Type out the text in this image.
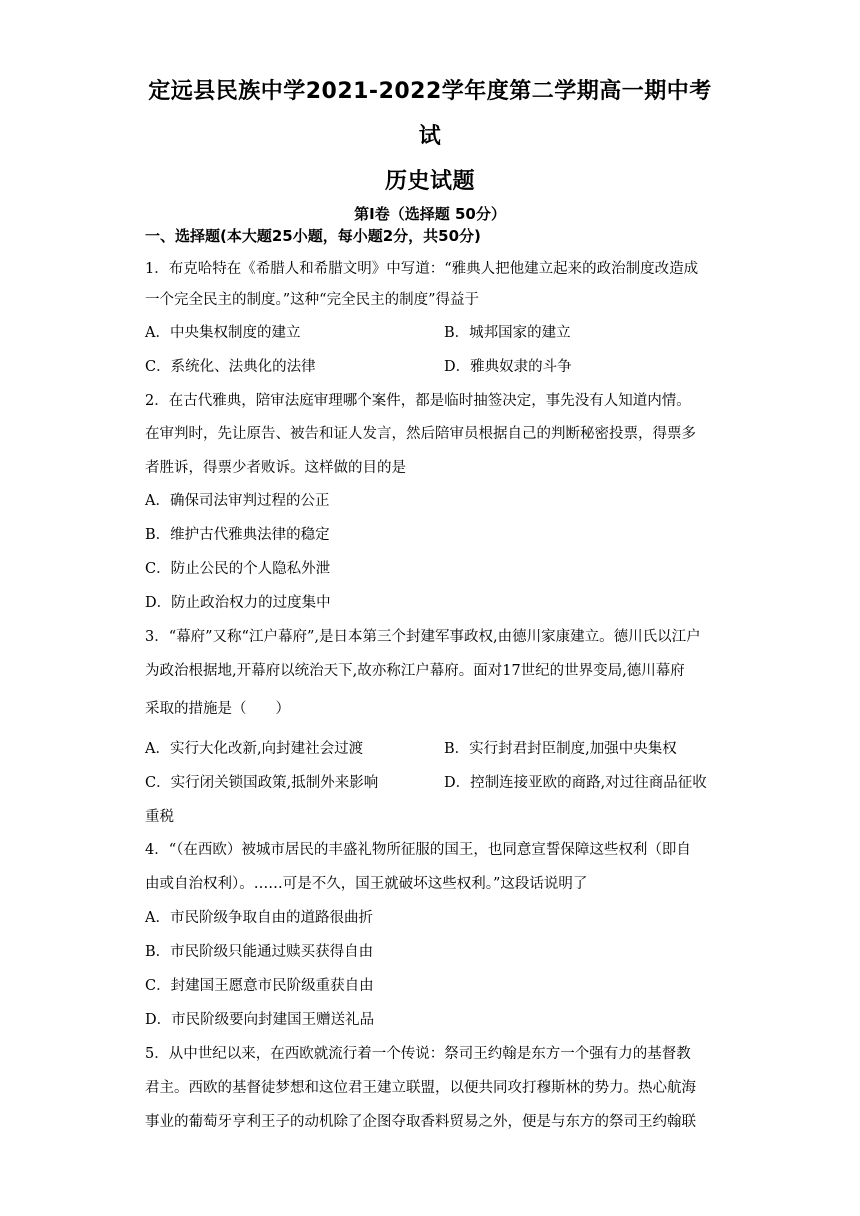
定远县民族中学2021-2022学年度第二学期高一期中考
试
历史试题
第I卷（选择题 50分）
一、选择题(本大题25小题，每小题2分，共50分)
1．布克哈特在《希腊人和希腊文明》中写道：“雅典人把他建立起来的政治制度改造成
一个完全民主的制度。”这种“完全民主的制度”得益于
A．中央集权制度的建立	B．城邦国家的建立
C．系统化、法典化的法律	D．雅典奴隶的斗争
2．在古代雅典，陪审法庭审理哪个案件，都是临时抽签决定，事先没有人知道内情。
在审判时，先让原告、被告和证人发言，然后陪审员根据自己的判断秘密投票，得票多
者胜诉，得票少者败诉。这样做的目的是
A．确保司法审判过程的公正
B．维护古代雅典法律的稳定
C．防止公民的个人隐私外泄
D．防止政治权力的过度集中
3．“幕府”又称“江户幕府”,是日本第三个封建军事政权,由德川家康建立。德川氏以江户
为政治根据地,开幕府以统治天下,故亦称江户幕府。面对17世纪的世界变局,德川幕府
采取的措施是（　　）
A．实行大化改新,向封建社会过渡	B．实行封君封臣制度,加强中央集权
C．实行闭关锁国政策,抵制外来影响	D．控制连接亚欧的商路,对过往商品征收
重税
4．“（在西欧）被城市居民的丰盛礼物所征服的国王，也同意宣誓保障这些权利（即自
由或自治权利）。……可是不久，国王就破坏这些权利。”这段话说明了
A．市民阶级争取自由的道路很曲折
B．市民阶级只能通过赎买获得自由
C．封建国王愿意市民阶级重获自由
D．市民阶级要向封建国王赠送礼品
5．从中世纪以来，在西欧就流行着一个传说：祭司王约翰是东方一个强有力的基督教
君主。西欧的基督徒梦想和这位君王建立联盟，以便共同攻打穆斯林的势力。热心航海
事业的葡萄牙亨利王子的动机除了企图夺取香料贸易之外，便是与东方的祭司王约翰联
